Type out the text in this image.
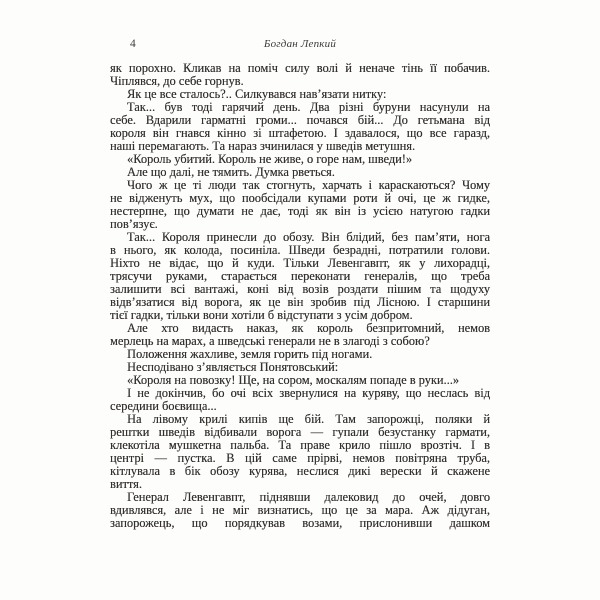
4	Богдан Лепкий
як порохно. Кликав на поміч силу волі й неначе тінь її побачив.
Чіплявся, до себе горнув.
Як це все сталось?.. Силкувався нав’язати нитку:
Так... був тоді гарячий день. Два різні буруни насунули на
себе. Вдарили гарматні громи... почався бій... До гетьмана від
короля він гнався кінно зі штафетою. І здавалося, що все гаразд,
наші перемагають. Та нараз зчинилася у шведів метушня.
«Король убитий. Король не живе, о горе нам, шведи!»
Але що далі, не тямить. Думка рветься.
Чого ж це ті люди так стогнуть, харчать і караскаються? Чому
не відженуть мух, що пообсідали купами роти й очі, це ж гидке,
нестерпне, що думати не дає, тоді як він із усією натугою гадки
пов’язує.
Так... Короля принесли до обозу. Він блідий, без пам’яти, нога
в нього, як колода, посиніла. Шведи безрадні, потратили голови.
Ніхто не відає, що й куди. Тільки Левенгавпт, як у лихорадці,
трясучи руками, старається переконати генералів, що треба
залишити всі вантажі, коні від возів роздати пішим та щодуху
відв’язатися від ворога, як це він зробив під Лісною. І старшини
тієї гадки, тільки вони хотіли б відступати з усім добром.
Але хто видасть наказ, як король безпритомний, немов
мерлець на марах, а шведські генерали не в злагоді з собою?
Положення жахливе, земля горить під ногами.
Несподівано з’являється Понятовський:
«Короля на повозку! Ще, на сором, москалям попаде в руки...»
І не докінчив, бо очі всіх звернулися на куряву, що неслась від
середини боєвища...
На лівому крилі кипів ще бій. Там запорожці, поляки й
рештки шведів відбивали ворога — гупали безустанку гармати,
клекотіла мушкетна пальба. Та праве крило пішло врозтіч. І в
центрі — пустка. В цій саме прірві, немов повітряна труба,
кітлувала в бік обозу курява, неслися дикі верески й скажене
виття.
Генерал Левенгавпт, піднявши далековид до очей, довго
вдивлявся, але і не міг визнатись, що це за мара. Аж дідуган,
запорожець, що порядкував возами, прислонивши дашком
